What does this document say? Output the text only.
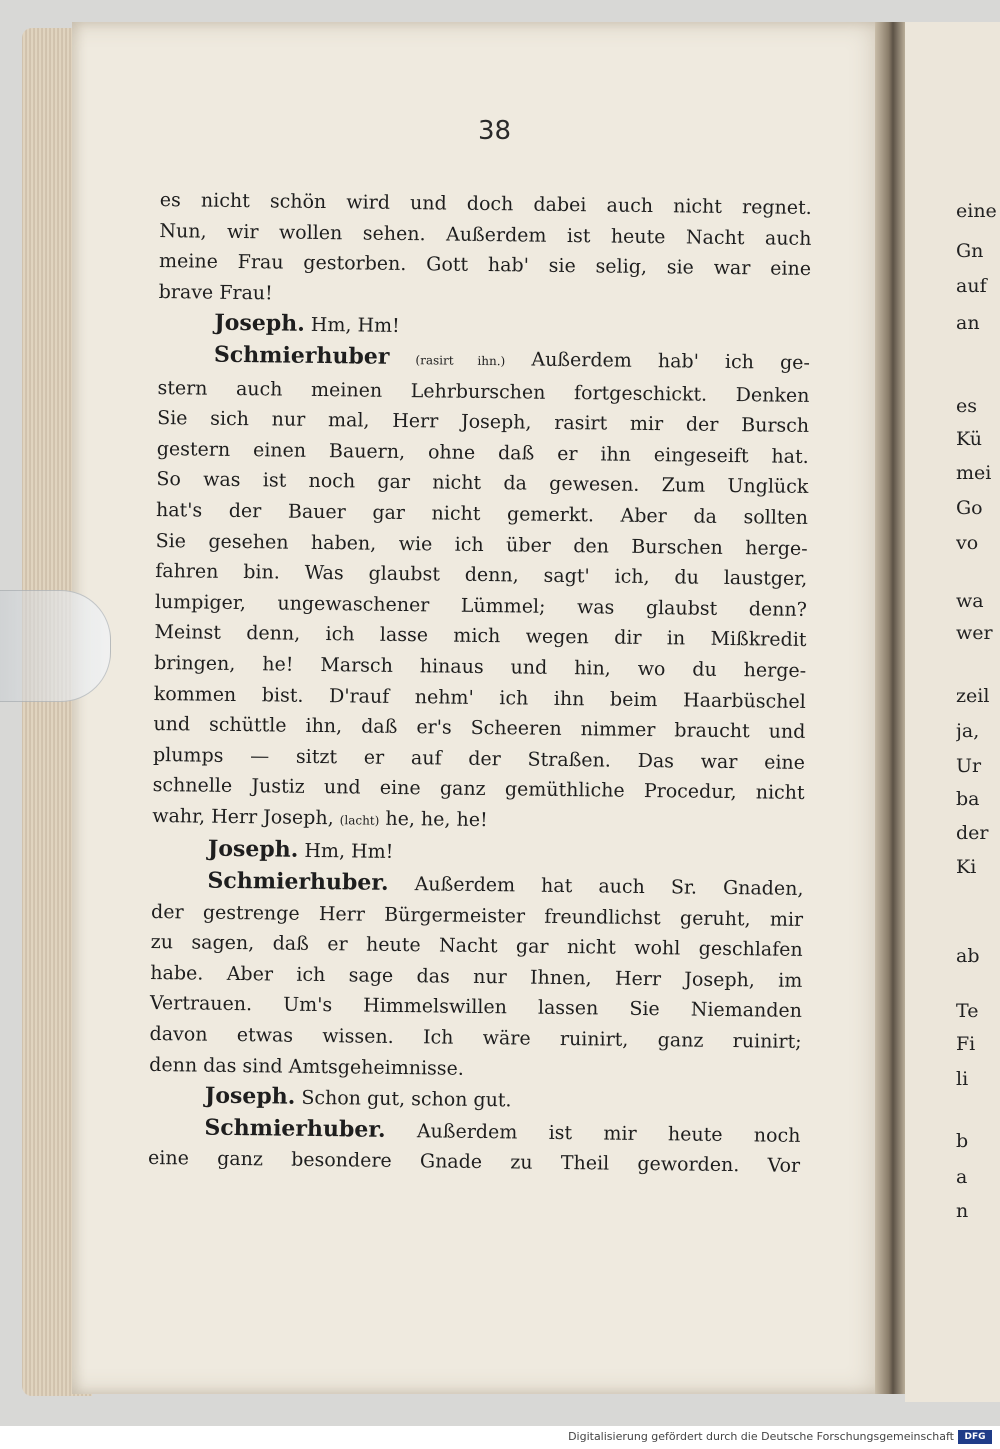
38
es nicht schön wird und doch dabei auch nicht regnet.
Nun, wir wollen sehen. Außerdem ist heute Nacht auch
meine Frau gestorben. Gott hab' sie selig, sie war eine
brave Frau!
Joseph. Hm, Hm!
Schmierhuber (rasirt ihn.) Außerdem hab' ich ge-
stern auch meinen Lehrburschen fortgeschickt. Denken
Sie sich nur mal, Herr Joseph, rasirt mir der Bursch
gestern einen Bauern, ohne daß er ihn eingeseift hat.
So was ist noch gar nicht da gewesen. Zum Unglück
hat's der Bauer gar nicht gemerkt. Aber da sollten
Sie gesehen haben, wie ich über den Burschen herge-
fahren bin. Was glaubst denn, sagt' ich, du laustger,
lumpiger, ungewaschener Lümmel; was glaubst denn?
Meinst denn, ich lasse mich wegen dir in Mißkredit
bringen, he! Marsch hinaus und hin, wo du herge-
kommen bist. D'rauf nehm' ich ihn beim Haarbüschel
und schüttle ihn, daß er's Scheeren nimmer braucht und
plumps — sitzt er auf der Straßen. Das war eine
schnelle Justiz und eine ganz gemüthliche Procedur, nicht
wahr, Herr Joseph, (lacht) he, he, he!
Joseph. Hm, Hm!
Schmierhuber. Außerdem hat auch Sr. Gnaden,
der gestrenge Herr Bürgermeister freundlichst geruht, mir
zu sagen, daß er heute Nacht gar nicht wohl geschlafen
habe. Aber ich sage das nur Ihnen, Herr Joseph, im
Vertrauen. Um's Himmelswillen lassen Sie Niemanden
davon etwas wissen. Ich wäre ruinirt, ganz ruinirt;
denn das sind Amtsgeheimnisse.
Joseph. Schon gut, schon gut.
Schmierhuber. Außerdem ist mir heute noch
eine ganz besondere Gnade zu Theil geworden. Vor
eine
Gn
auf
an
es
Kü
mei
Go
vo
wa
wer
zeil
ja,
Ur
ba
der
Ki
ab
Te
Fi
li
b
a
n
Digitalisierung gefördert durch die Deutsche Forschungsgemeinschaft	DFG
